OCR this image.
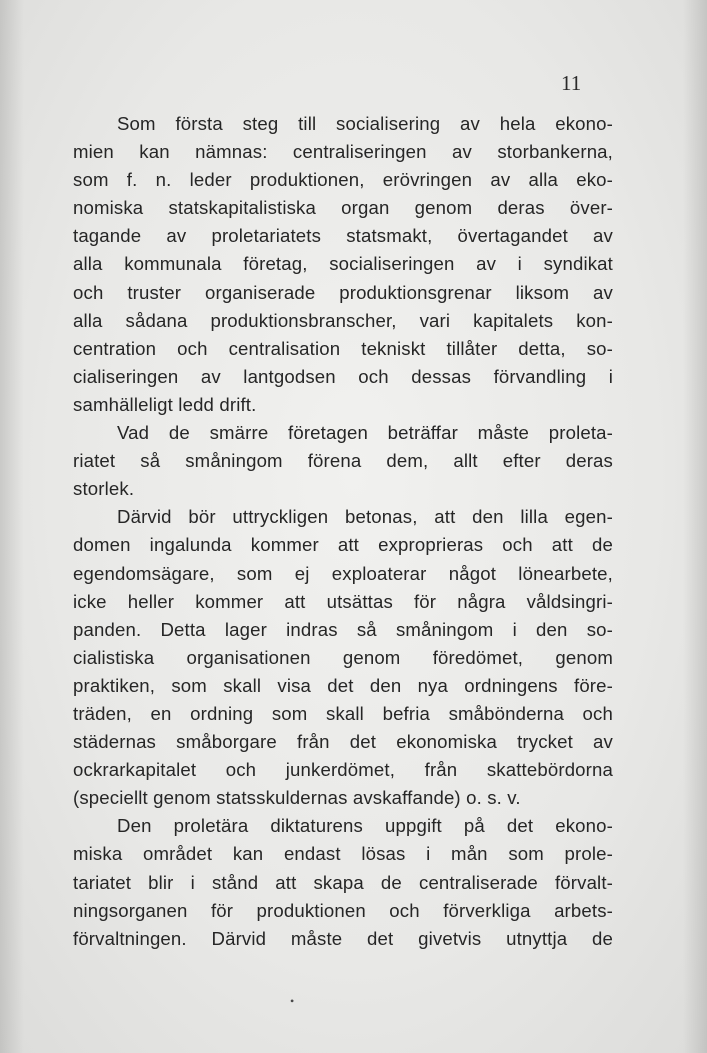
11
Som första steg till socialisering av hela ekono-
mien kan nämnas: centraliseringen av storbankerna,
som f. n. leder produktionen, erövringen av alla eko-
nomiska statskapitalistiska organ genom deras över-
tagande av proletariatets statsmakt, övertagandet av
alla kommunala företag, socialiseringen av i syndikat
och truster organiserade produktionsgrenar liksom av
alla sådana produktionsbranscher, vari kapitalets kon-
centration och centralisation tekniskt tillåter detta, so-
cialiseringen av lantgodsen och dessas förvandling i
samhälleligt ledd drift.
Vad de smärre företagen beträffar måste proleta-
riatet så småningom förena dem, allt efter deras
storlek.
Därvid bör uttryckligen betonas, att den lilla egen-
domen ingalunda kommer att exproprieras och att de
egendomsägare, som ej exploaterar något lönearbete,
icke heller kommer att utsättas för några våldsingri-
panden. Detta lager indras så småningom i den so-
cialistiska organisationen genom föredömet, genom
praktiken, som skall visa det den nya ordningens före-
träden, en ordning som skall befria småbönderna och
städernas småborgare från det ekonomiska trycket av
ockrarkapitalet och junkerdömet, från skattebördorna
(speciellt genom statsskuldernas avskaffande) o. s. v.
Den proletära diktaturens uppgift på det ekono-
miska området kan endast lösas i mån som prole-
tariatet blir i stånd att skapa de centraliserade förvalt-
ningsorganen för produktionen och förverkliga arbets-
förvaltningen. Därvid måste det givetvis utnyttja de
•
